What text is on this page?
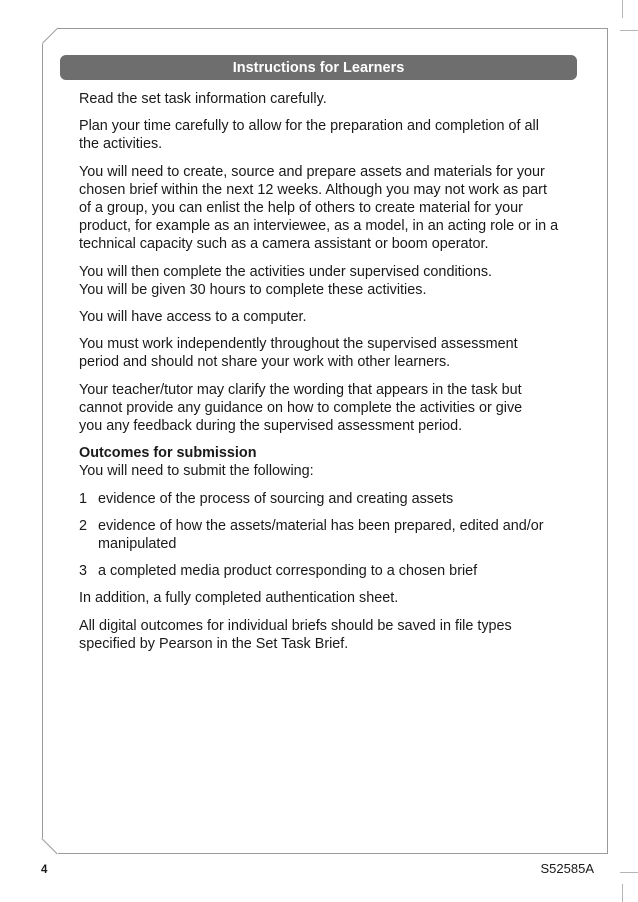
Instructions for Learners

Read the set task information carefully.

Plan your time carefully to allow for the preparation and completion of all
the activities.

You will need to create, source and prepare assets and materials for your
chosen brief within the next 12 weeks. Although you may not work as part
of a group, you can enlist the help of others to create material for your
product, for example as an interviewee, as a model, in an acting role or in a
technical capacity such as a camera assistant or boom operator.

You will then complete the activities under supervised conditions.
You will be given 30 hours to complete these activities.

You will have access to a computer.

You must work independently throughout the supervised assessment
period and should not share your work with other learners.

Your teacher/tutor may clarify the wording that appears in the task but
cannot provide any guidance on how to complete the activities or give
you any feedback during the supervised assessment period.

Outcomes for submission

You will need to submit the following:

1 evidence of the process of sourcing and creating assets
2 evidence of how the assets/material has been prepared, edited and/or
manipulated
3 a completed media product corresponding to a chosen brief

In addition, a fully completed authentication sheet.

All digital outcomes for individual briefs should be saved in file types
specified by Pearson in the Set Task Brief.

4	S52585A
